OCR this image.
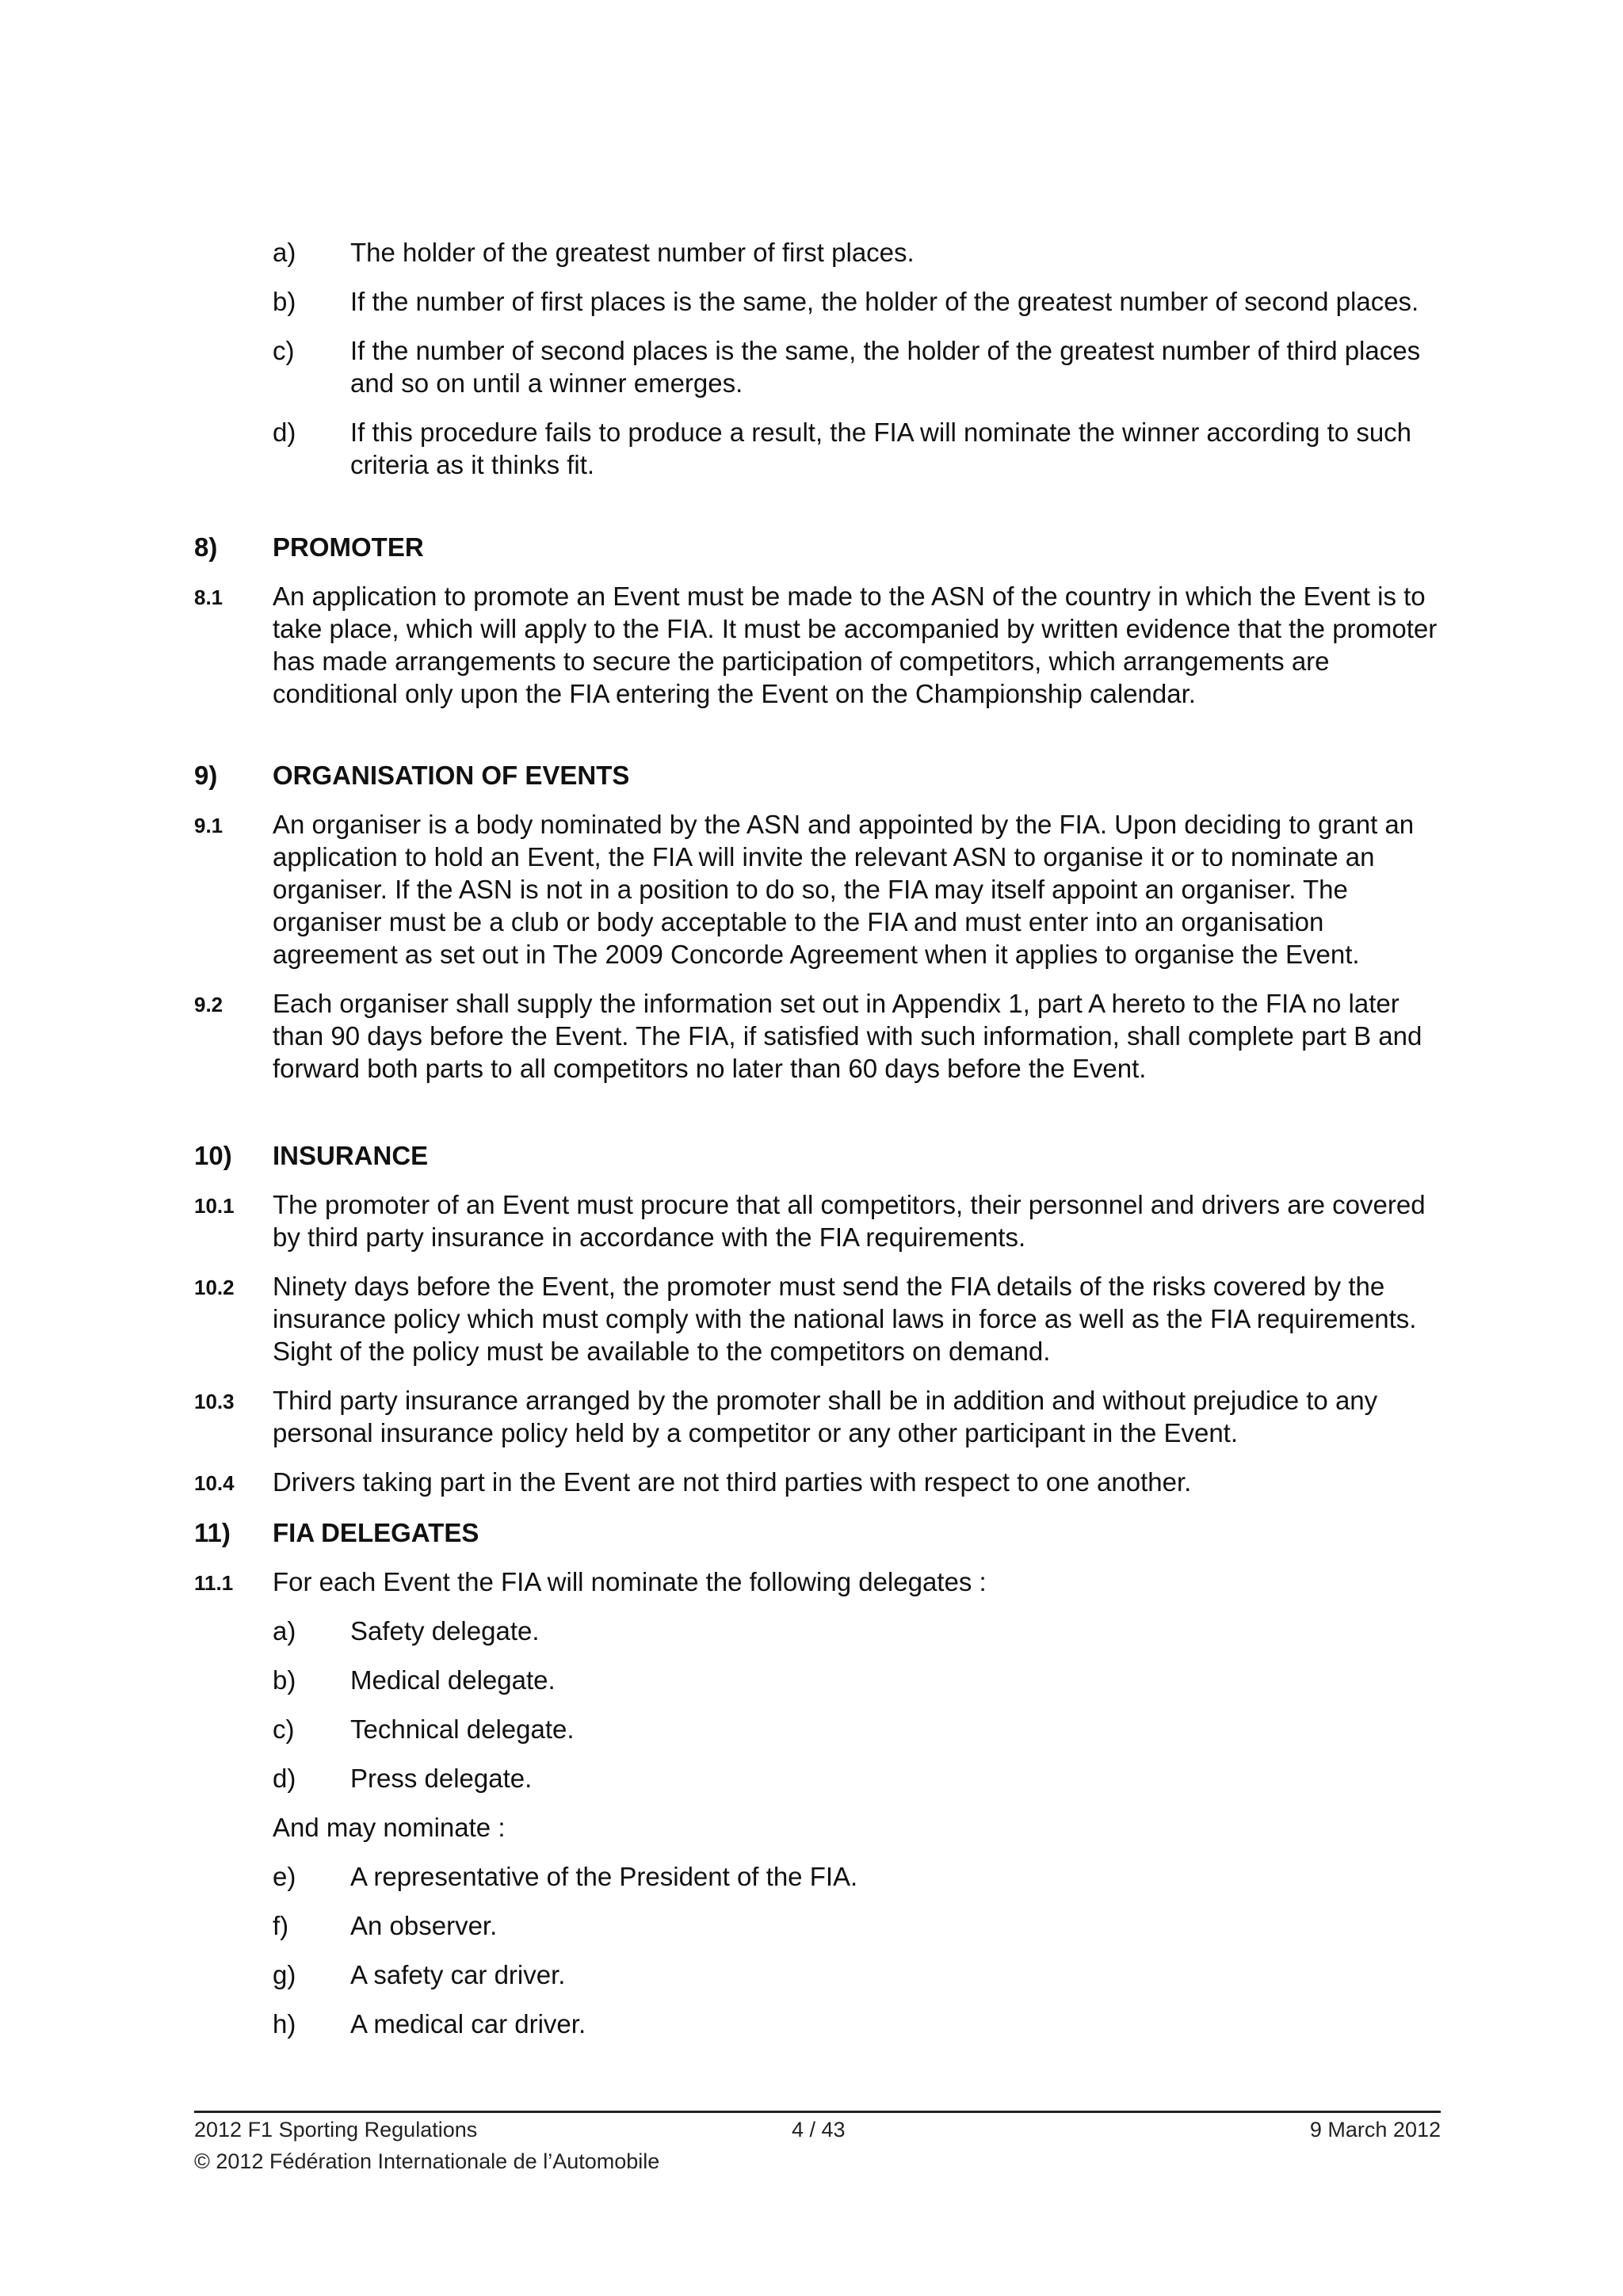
a)	The holder of the greatest number of first places.
b)	If the number of first places is the same, the holder of the greatest number of second places.
c)	If the number of second places is the same, the holder of the greatest number of third places and so on until a winner emerges.
d)	If this procedure fails to produce a result, the FIA will nominate the winner according to such criteria as it thinks fit.
8) PROMOTER
8.1 An application to promote an Event must be made to the ASN of the country in which the Event is to take place, which will apply to the FIA. It must be accompanied by written evidence that the promoter has made arrangements to secure the participation of competitors, which arrangements are conditional only upon the FIA entering the Event on the Championship calendar.
9) ORGANISATION OF EVENTS
9.1 An organiser is a body nominated by the ASN and appointed by the FIA. Upon deciding to grant an application to hold an Event, the FIA will invite the relevant ASN to organise it or to nominate an organiser. If the ASN is not in a position to do so, the FIA may itself appoint an organiser. The organiser must be a club or body acceptable to the FIA and must enter into an organisation agreement as set out in The 2009 Concorde Agreement when it applies to organise the Event.
9.2 Each organiser shall supply the information set out in Appendix 1, part A hereto to the FIA no later than 90 days before the Event. The FIA, if satisfied with such information, shall complete part B and forward both parts to all competitors no later than 60 days before the Event.
10) INSURANCE
10.1 The promoter of an Event must procure that all competitors, their personnel and drivers are covered by third party insurance in accordance with the FIA requirements.
10.2 Ninety days before the Event, the promoter must send the FIA details of the risks covered by the insurance policy which must comply with the national laws in force as well as the FIA requirements. Sight of the policy must be available to the competitors on demand.
10.3 Third party insurance arranged by the promoter shall be in addition and without prejudice to any personal insurance policy held by a competitor or any other participant in the Event.
10.4 Drivers taking part in the Event are not third parties with respect to one another.
11) FIA DELEGATES
11.1 For each Event the FIA will nominate the following delegates :
a)	Safety delegate.
b)	Medical delegate.
c)	Technical delegate.
d)	Press delegate.
And may nominate :
e)	A representative of the President of the FIA.
f)	An observer.
g)	A safety car driver.
h)	A medical car driver.
2012 F1 Sporting Regulations	4 / 43	9 March 2012
© 2012 Fédération Internationale de l’Automobile
